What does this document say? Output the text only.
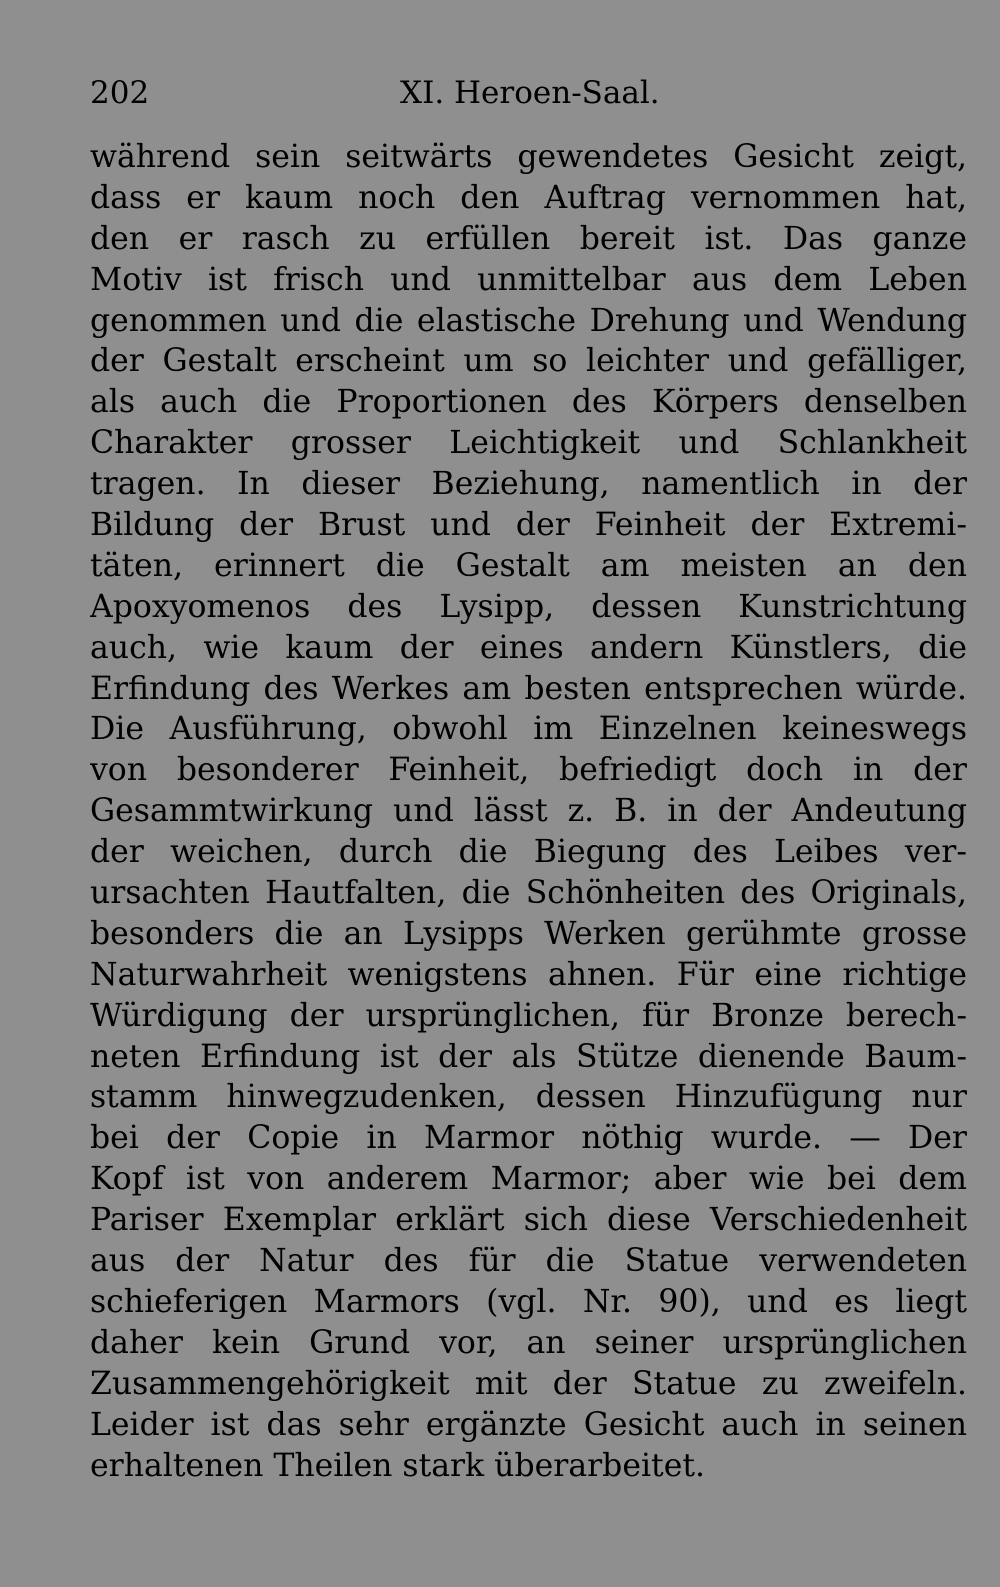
202	XI. Heroen-Saal.
während sein seitwärts gewendetes Gesicht zeigt,
dass er kaum noch den Auftrag vernommen hat,
den er rasch zu erfüllen bereit ist. Das ganze
Motiv ist frisch und unmittelbar aus dem Leben
genommen und die elastische Drehung und Wendung
der Gestalt erscheint um so leichter und gefälliger,
als auch die Proportionen des Körpers denselben
Charakter grosser Leichtigkeit und Schlankheit
tragen. In dieser Beziehung, namentlich in der
Bildung der Brust und der Feinheit der Extremi-
täten, erinnert die Gestalt am meisten an den
Apoxyomenos des Lysipp, dessen Kunstrichtung
auch, wie kaum der eines andern Künstlers, die
Erfindung des Werkes am besten entsprechen würde.
Die Ausführung, obwohl im Einzelnen keineswegs
von besonderer Feinheit, befriedigt doch in der
Gesammtwirkung und lässt z. B. in der Andeutung
der weichen, durch die Biegung des Leibes ver-
ursachten Hautfalten, die Schönheiten des Originals,
besonders die an Lysipps Werken gerühmte grosse
Naturwahrheit wenigstens ahnen. Für eine richtige
Würdigung der ursprünglichen, für Bronze berech-
neten Erfindung ist der als Stütze dienende Baum-
stamm hinwegzudenken, dessen Hinzufügung nur
bei der Copie in Marmor nöthig wurde. — Der
Kopf ist von anderem Marmor; aber wie bei dem
Pariser Exemplar erklärt sich diese Verschiedenheit
aus der Natur des für die Statue verwendeten
schieferigen Marmors (vgl. Nr. 90), und es liegt
daher kein Grund vor, an seiner ursprünglichen
Zusammengehörigkeit mit der Statue zu zweifeln.
Leider ist das sehr ergänzte Gesicht auch in seinen
erhaltenen Theilen stark überarbeitet.
